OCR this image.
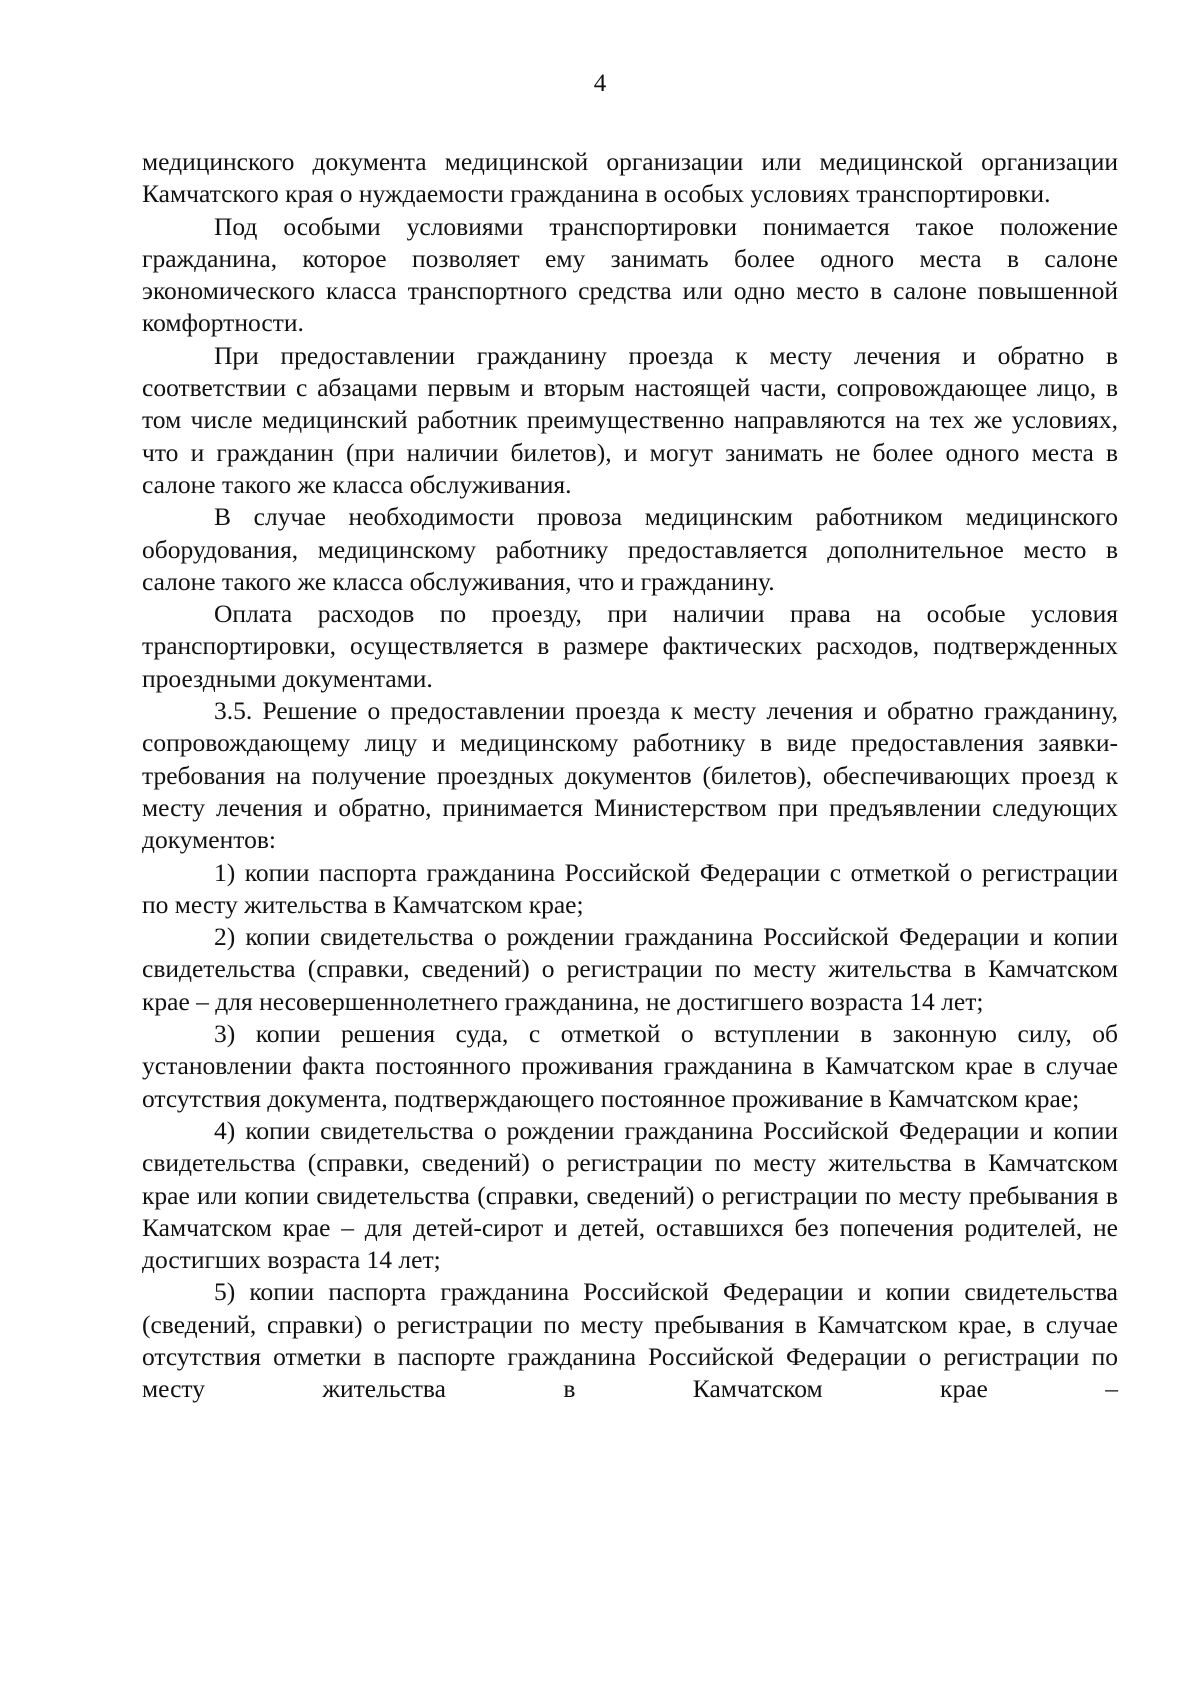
4

медицинского документа медицинской организации или медицинской организации Камчатского края о нуждаемости гражданина в особых условиях транспортировки.

Под особыми условиями транспортировки понимается такое положение гражданина, которое позволяет ему занимать более одного места в салоне экономического класса транспортного средства или одно место в салоне повышенной комфортности.

При предоставлении гражданину проезда к месту лечения и обратно в соответствии с абзацами первым и вторым настоящей части, сопровождающее лицо, в том числе медицинский работник преимущественно направляются на тех же условиях, что и гражданин (при наличии билетов), и могут занимать не более одного места в салоне такого же класса обслуживания.

В случае необходимости провоза медицинским работником медицинского оборудования, медицинскому работнику предоставляется дополнительное место в салоне такого же класса обслуживания, что и гражданину.

Оплата расходов по проезду, при наличии права на особые условия транспортировки, осуществляется в размере фактических расходов, подтвержденных проездными документами.

3.5. Решение о предоставлении проезда к месту лечения и обратно гражданину, сопровождающему лицу и медицинскому работнику в виде предоставления заявки-требования на получение проездных документов (билетов), обеспечивающих проезд к месту лечения и обратно, принимается Министерством при предъявлении следующих документов:

1) копии паспорта гражданина Российской Федерации с отметкой о регистрации по месту жительства в Камчатском крае;

2) копии свидетельства о рождении гражданина Российской Федерации и копии свидетельства (справки, сведений) о регистрации по месту жительства в Камчатском крае – для несовершеннолетнего гражданина, не достигшего возраста 14 лет;

3) копии решения суда, с отметкой о вступлении в законную силу, об установлении факта постоянного проживания гражданина в Камчатском крае в случае отсутствия документа, подтверждающего постоянное проживание в Камчатском крае;

4) копии свидетельства о рождении гражданина Российской Федерации и копии свидетельства (справки, сведений) о регистрации по месту жительства в Камчатском крае или копии свидетельства (справки, сведений) о регистрации по месту пребывания в Камчатском крае – для детей-сирот и детей, оставшихся без попечения родителей, не достигших возраста 14 лет;

5) копии паспорта гражданина Российской Федерации и копии свидетельства (сведений, справки) о регистрации по месту пребывания в Камчатском крае, в случае отсутствия отметки в паспорте гражданина Российской Федерации о регистрации по месту жительства в Камчатском крае –
